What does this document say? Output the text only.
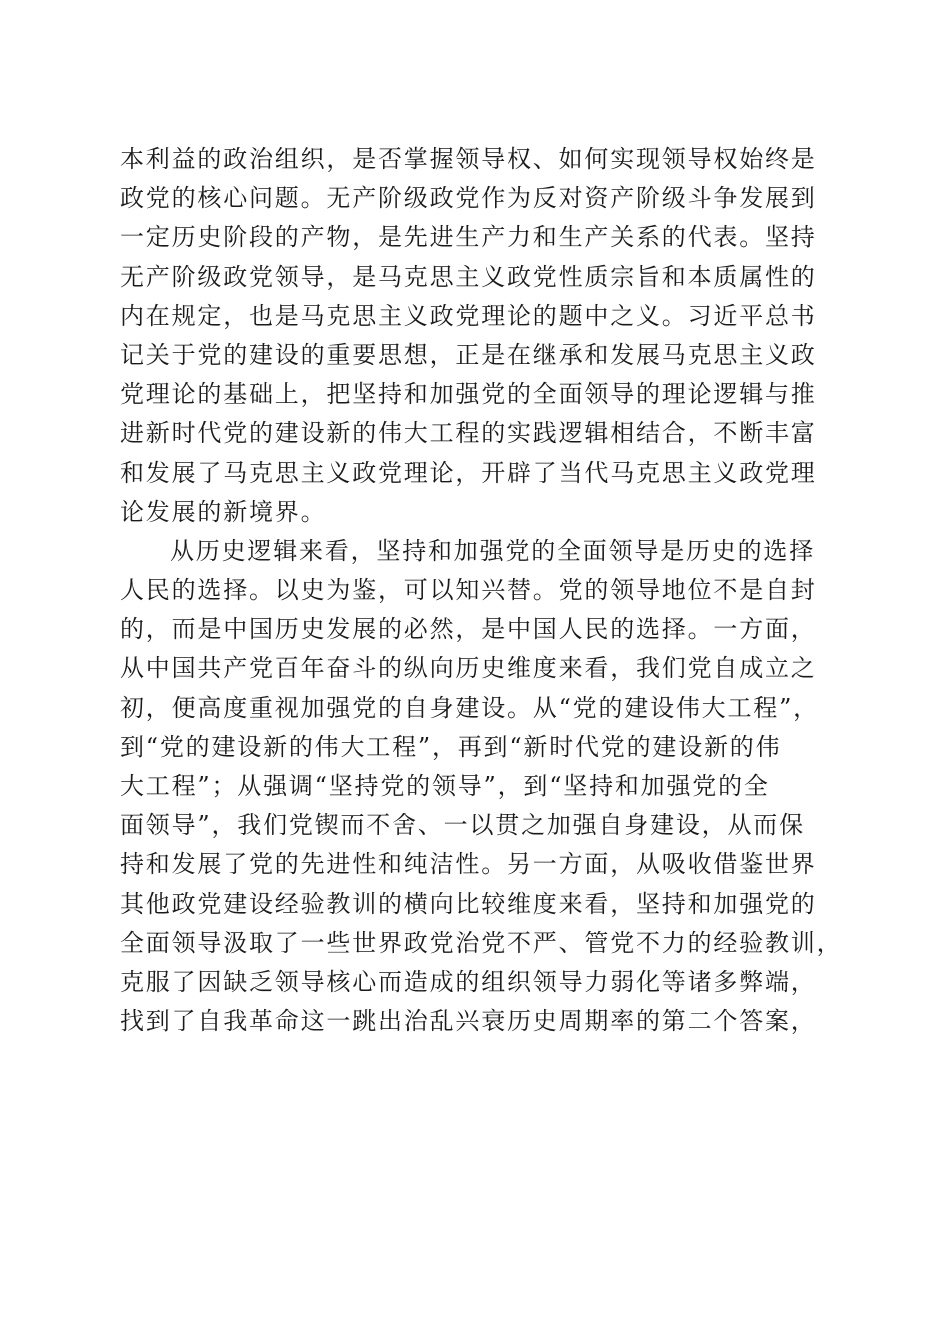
本利益的政治组织，是否掌握领导权、如何实现领导权始终是
政党的核心问题。无产阶级政党作为反对资产阶级斗争发展到
一定历史阶段的产物，是先进生产力和生产关系的代表。坚持
无产阶级政党领导，是马克思主义政党性质宗旨和本质属性的
内在规定，也是马克思主义政党理论的题中之义。习近平总书
记关于党的建设的重要思想，正是在继承和发展马克思主义政
党理论的基础上，把坚持和加强党的全面领导的理论逻辑与推
进新时代党的建设新的伟大工程的实践逻辑相结合，不断丰富
和发展了马克思主义政党理论，开辟了当代马克思主义政党理
论发展的新境界。
从历史逻辑来看，坚持和加强党的全面领导是历史的选择
人民的选择。以史为鉴，可以知兴替。党的领导地位不是自封
的，而是中国历史发展的必然，是中国人民的选择。一方面，
从中国共产党百年奋斗的纵向历史维度来看，我们党自成立之
初，便高度重视加强党的自身建设。从“党的建设伟大工程”，
到“党的建设新的伟大工程”，再到“新时代党的建设新的伟
大工程”；从强调“坚持党的领导”，到“坚持和加强党的全
面领导”，我们党锲而不舍、一以贯之加强自身建设，从而保
持和发展了党的先进性和纯洁性。另一方面，从吸收借鉴世界
其他政党建设经验教训的横向比较维度来看，坚持和加强党的
全面领导汲取了一些世界政党治党不严、管党不力的经验教训，
克服了因缺乏领导核心而造成的组织领导力弱化等诸多弊端，
找到了自我革命这一跳出治乱兴衰历史周期率的第二个答案，
